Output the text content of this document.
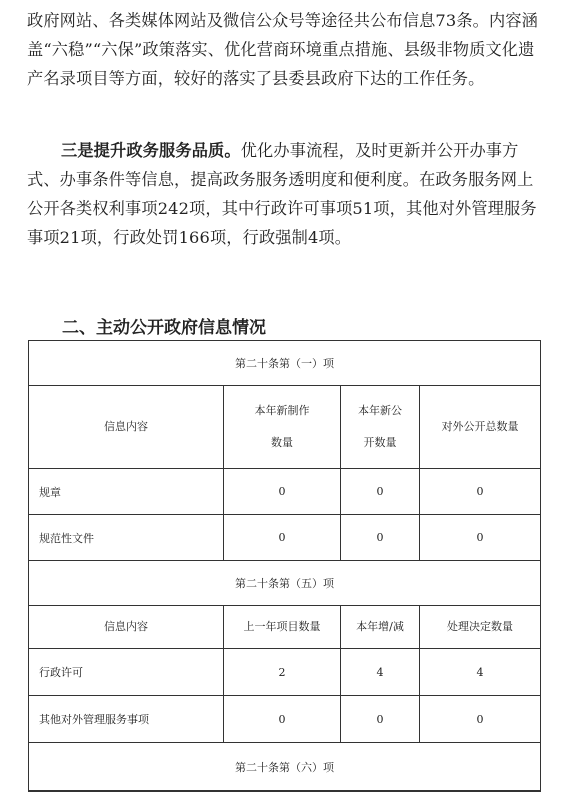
政府网站、各类媒体网站及微信公众号等途径共公布信息73条。内容涵盖“六稳”“六保”政策落实、优化营商环境重点措施、县级非物质文化遗产名录项目等方面，较好的落实了县委县政府下达的工作任务。
三是提升政务服务品质。优化办事流程，及时更新并公开办事方式、办事条件等信息，提高政务服务透明度和便利度。在政务服务网上公开各类权利事项242项，其中行政许可事项51项，其他对外管理服务事项21项，行政处罚166项，行政强制4项。
二、主动公开政府信息情况
第二十条第（一）项			
信息内容	本年新制作数量	本年新公开数量	对外公开总数量
规章	0	0	0
规范性文件	0	0	0
第二十条第（五）项			
信息内容	上一年项目数量	本年增/减	处理决定数量
行政许可	2	4	4
其他对外管理服务事项	0	0	0
第二十条第（六）项			
